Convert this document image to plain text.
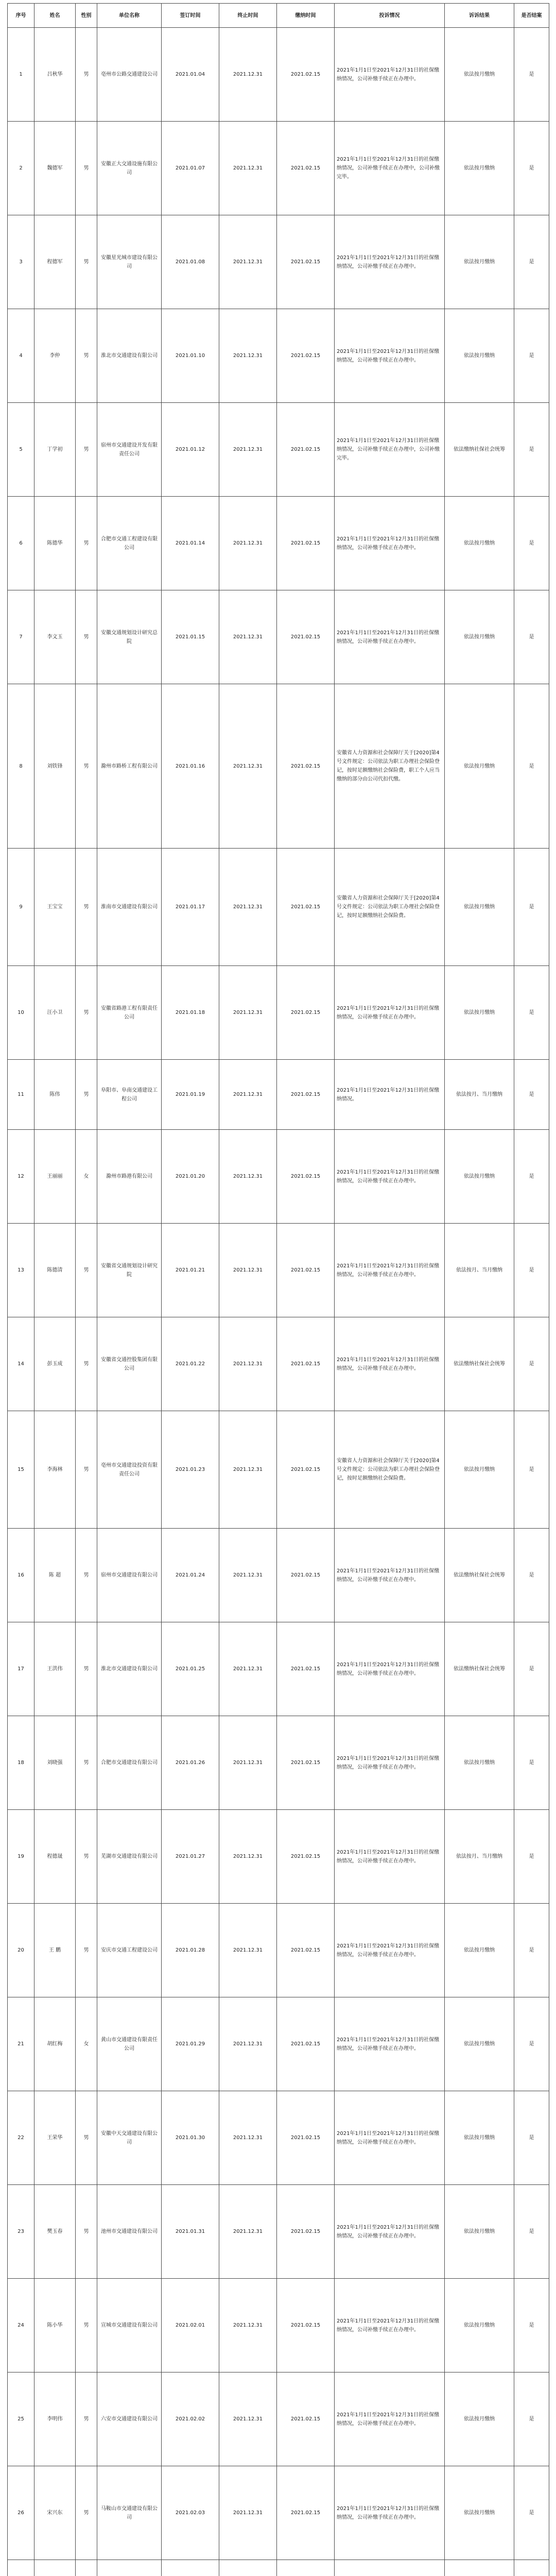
序号	姓名	性别	单位名称	签订时间	终止时间	缴纳时间	投诉情况	诉诉结果	是否结案
1	吕秋华	男	亳州市公路交通建设公司	2021.01.04	2021.12.31	2021.02.15	2021年1月1日至2021年12月31日的社保缴纳情况，公司补缴手续正在办理中。	依法按月缴纳	是
2	魏德军	男	安徽正大交通设施有限公司	2021.01.07	2021.12.31	2021.02.15	2021年1月1日至2021年12月31日的社保缴纳情况，公司补缴手续正在办理中，公司补缴完毕。	依法按月缴纳	是
3	程德军	男	安徽星光城市建设有限公司	2021.01.08	2021.12.31	2021.02.15	2021年1月1日至2021年12月31日的社保缴纳情况，公司补缴手续正在办理中。	依法按月缴纳	是
4	李仲	男	淮北市交通建设有限公司	2021.01.10	2021.12.31	2021.02.15	2021年1月1日至2021年12月31日的社保缴纳情况，公司补缴手续正在办理中。	依法按月缴纳	是
5	丁学初	男	宿州市交通建设开发有限责任公司	2021.01.12	2021.12.31	2021.02.15	2021年1月1日至2021年12月31日的社保缴纳情况，公司补缴手续正在办理中，公司补缴完毕。	依法缴纳社保社会统筹	是
6	陈德华	男	合肥市交通工程建设有限公司	2021.01.14	2021.12.31	2021.02.15	2021年1月1日至2021年12月31日的社保缴纳情况，公司补缴手续正在办理中。	依法按月缴纳	是
7	李文玉	男	安徽交通规划设计研究总院	2021.01.15	2021.12.31	2021.02.15	2021年1月1日至2021年12月31日的社保缴纳情况，公司补缴手续正在办理中。	依法按月缴纳	是
8	刘铁锋	男	滁州市路桥工程有限公司	2021.01.16	2021.12.31	2021.02.15	安徽省人力资源和社会保障厅关于[2020]第4号文件规定：公司依法为职工办理社会保险登记，按时足额缴纳社会保险费，职工个人应当缴纳的部分由公司代扣代缴。	依法按月缴纳	是
9	王宝宝	男	淮南市交通建设有限公司	2021.01.17	2021.12.31	2021.02.15	安徽省人力资源和社会保障厅关于[2020]第4号文件规定：公司依法为职工办理社会保险登记，按时足额缴纳社会保险费。	依法按月缴纳	是
10	汪小卫	男	安徽省路港工程有限责任公司	2021.01.18	2021.12.31	2021.02.15	2021年1月1日至2021年12月31日的社保缴纳情况，公司补缴手续正在办理中。	依法按月缴纳	是
11	陈伟	男	阜阳市、阜南交通建设工程公司	2021.01.19	2021.12.31	2021.02.15	2021年1月1日至2021年12月31日的社保缴纳情况。	依法按月、当月缴纳	是
12	王丽丽	女	滁州市路港有限公司	2021.01.20	2021.12.31	2021.02.15	2021年1月1日至2021年12月31日的社保缴纳情况，公司补缴手续正在办理中。	依法按月缴纳	是
13	陈德清	男	安徽省交通规划设计研究院	2021.01.21	2021.12.31	2021.02.15	2021年1月1日至2021年12月31日的社保缴纳情况，公司补缴手续正在办理中。	依法按月、当月缴纳	是
14	彭玉成	男	安徽省交通控股集团有限公司	2021.01.22	2021.12.31	2021.02.15	2021年1月1日至2021年12月31日的社保缴纳情况，公司补缴手续正在办理中。	依法缴纳社保社会统筹	是
15	李海林	男	亳州市交通建设投资有限责任公司	2021.01.23	2021.12.31	2021.02.15	安徽省人力资源和社会保障厅关于[2020]第4号文件规定：公司依法为职工办理社会保险登记，按时足额缴纳社会保险费。	依法按月缴纳	是
16	陈 超	男	宿州市交通建设有限公司	2021.01.24	2021.12.31	2021.02.15	2021年1月1日至2021年12月31日的社保缴纳情况，公司补缴手续正在办理中。	依法缴纳社保社会统筹	是
17	王洪伟	男	淮北市交通建设有限公司	2021.01.25	2021.12.31	2021.02.15	2021年1月1日至2021年12月31日的社保缴纳情况，公司补缴手续正在办理中。	依法缴纳社保社会统筹	是
18	刘晓强	男	合肥市交通建设有限公司	2021.01.26	2021.12.31	2021.02.15	2021年1月1日至2021年12月31日的社保缴纳情况，公司补缴手续正在办理中。	依法按月缴纳	是
19	程德晟	男	芜湖市交通建设有限公司	2021.01.27	2021.12.31	2021.02.15	2021年1月1日至2021年12月31日的社保缴纳情况，公司补缴手续正在办理中。	依法按月、当月缴纳	是
20	王 鹏	男	安庆市交通工程建设公司	2021.01.28	2021.12.31	2021.02.15	2021年1月1日至2021年12月31日的社保缴纳情况，公司补缴手续正在办理中。	依法按月缴纳	是
21	胡红梅	女	黄山市交通建设有限责任公司	2021.01.29	2021.12.31	2021.02.15	2021年1月1日至2021年12月31日的社保缴纳情况，公司补缴手续正在办理中。	依法按月缴纳	是
22	王荣华	男	安徽中天交通建设有限公司	2021.01.30	2021.12.31	2021.02.15	2021年1月1日至2021年12月31日的社保缴纳情况，公司补缴手续正在办理中。	依法按月缴纳	是
23	樊玉春	男	池州市交通建设有限公司	2021.01.31	2021.12.31	2021.02.15	2021年1月1日至2021年12月31日的社保缴纳情况，公司补缴手续正在办理中。	依法按月缴纳	是
24	陈小华	男	宣城市交通建设有限公司	2021.02.01	2021.12.31	2021.02.15	2021年1月1日至2021年12月31日的社保缴纳情况，公司补缴手续正在办理中。	依法按月缴纳	是
25	李明伟	男	六安市交通建设有限公司	2021.02.02	2021.12.31	2021.02.15	2021年1月1日至2021年12月31日的社保缴纳情况，公司补缴手续正在办理中。	依法按月缴纳	是
26	宋兴东	男	马鞍山市交通建设有限公司	2021.02.03	2021.12.31	2021.02.15	2021年1月1日至2021年12月31日的社保缴纳情况，公司补缴手续正在办理中。	依法按月缴纳	是
